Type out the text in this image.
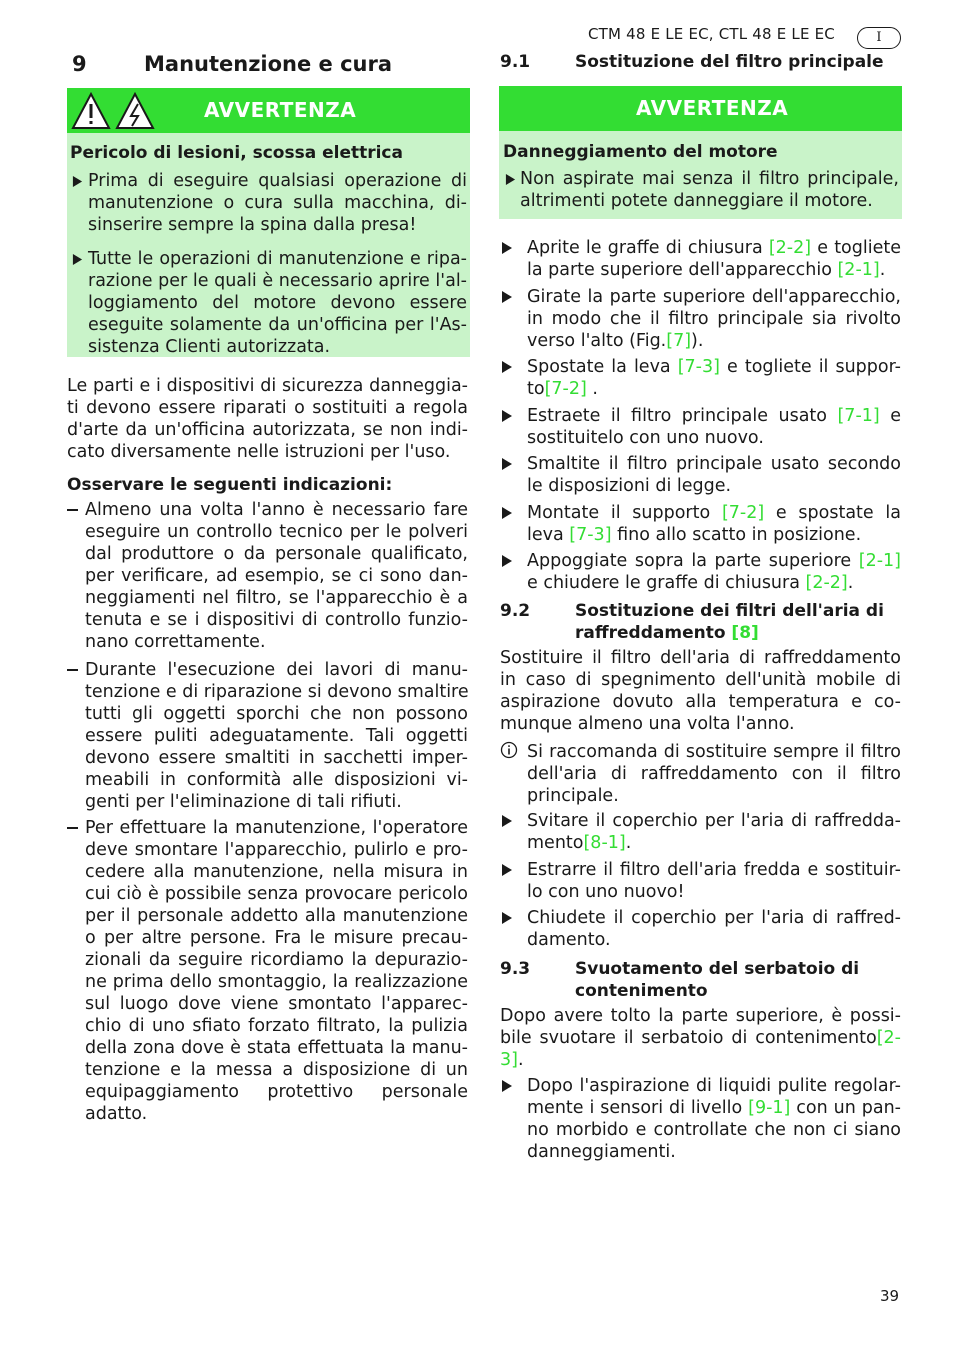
CTM 48 E LE EC, CTL 48 E LE EC	I
9	Manutenzione e cura
AVVERTENZA
Pericolo di lesioni, scossa elettrica
Prima di eseguire qualsiasi operazione di
manutenzione o cura sulla macchina, di-
sinserire sempre la spina dalla presa!
Tutte le operazioni di manutenzione e ripa-
razione per le quali è necessario aprire l'al-
loggiamento del motore devono essere
eseguite solamente da un'officina per l'As-
sistenza Clienti autorizzata.
Le parti e i dispositivi di sicurezza danneggia-
ti devono essere riparati o sostituiti a regola
d'arte da un'officina autorizzata, se non indi-
cato diversamente nelle istruzioni per l'uso.
Osservare le seguenti indicazioni:
Almeno una volta l'anno è necessario fare
eseguire un controllo tecnico per le polveri
dal produttore o da personale qualificato,
per verificare, ad esempio, se ci sono dan-
neggiamenti nel filtro, se l'apparecchio è a
tenuta e se i dispositivi di controllo funzio-
nano correttamente.
Durante l'esecuzione dei lavori di manu-
tenzione e di riparazione si devono smaltire
tutti gli oggetti sporchi che non possono
essere puliti adeguatamente. Tali oggetti
devono essere smaltiti in sacchetti imper-
meabili in conformità alle disposizioni vi-
genti per l'eliminazione di tali rifiuti.
Per effettuare la manutenzione, l'operatore
deve smontare l'apparecchio, pulirlo e pro-
cedere alla manutenzione, nella misura in
cui ciò è possibile senza provocare pericolo
per il personale addetto alla manutenzione
o per altre persone. Fra le misure precau-
zionali da seguire ricordiamo la depurazio-
ne prima dello smontaggio, la realizzazione
sul luogo dove viene smontato l'apparec-
chio di uno sfiato forzato filtrato, la pulizia
della zona dove è stata effettuata la manu-
tenzione e la messa a disposizione di un
equipaggiamento protettivo personale
adatto.
9.1	Sostituzione del filtro principale
AVVERTENZA
Danneggiamento del motore
Non aspirate mai senza il filtro principale,
altrimenti potete danneggiare il motore.
Aprite le graffe di chiusura [2-2] e togliete
la parte superiore dell'apparecchio [2-1].
Girate la parte superiore dell'apparecchio,
in modo che il filtro principale sia rivolto
verso l'alto (Fig.[7]).
Spostate la leva [7-3] e togliete il suppor-
to[7-2] .
Estraete il filtro principale usato [7-1] e
sostituitelo con uno nuovo.
Smaltite il filtro principale usato secondo
le disposizioni di legge.
Montate il supporto [7-2] e spostate la
leva [7-3] fino allo scatto in posizione.
Appoggiate sopra la parte superiore [2-1]
e chiudere le graffe di chiusura [2-2].
9.2	Sostituzione dei filtri dell'aria di
raffreddamento [8]
Sostituire il filtro dell'aria di raffreddamento
in caso di spegnimento dell'unità mobile di
aspirazione dovuto alla temperatura e co-
munque almeno una volta l'anno.
Si raccomanda di sostituire sempre il filtro
dell'aria di raffreddamento con il filtro
principale.
Svitare il coperchio per l'aria di raffredda-
mento[8-1].
Estrarre il filtro dell'aria fredda e sostituir-
lo con uno nuovo!
Chiudete il coperchio per l'aria di raffred-
damento.
9.3	Svuotamento del serbatoio di
contenimento
Dopo avere tolto la parte superiore, è possi-
bile svuotare il serbatoio di contenimento[2-
3].
Dopo l'aspirazione di liquidi pulite regolar-
mente i sensori di livello [9-1] con un pan-
no morbido e controllate che non ci siano
danneggiamenti.
39
